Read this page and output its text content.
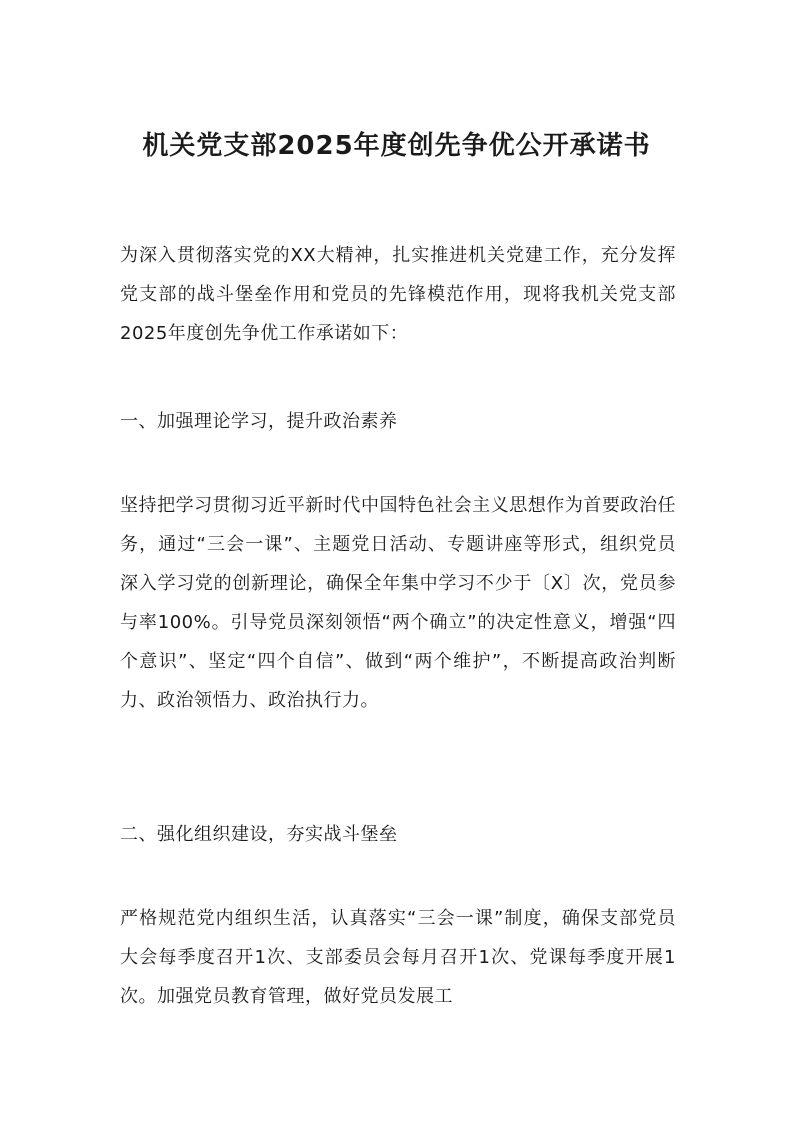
机关党支部2025年度创先争优公开承诺书

为深入贯彻落实党的XX大精神，扎实推进机关党建工作，充分发挥党支部的战斗堡垒作用和党员的先锋模范作用，现将我机关党支部2025年度创先争优工作承诺如下：

一、加强理论学习，提升政治素养

坚持把学习贯彻习近平新时代中国特色社会主义思想作为首要政治任务，通过“三会一课”、主题党日活动、专题讲座等形式，组织党员深入学习党的创新理论，确保全年集中学习不少于〔X〕次，党员参与率100%。引导党员深刻领悟“两个确立”的决定性意义，增强“四个意识”、坚定“四个自信”、做到“两个维护”，不断提高政治判断力、政治领悟力、政治执行力。

二、强化组织建设，夯实战斗堡垒

严格规范党内组织生活，认真落实“三会一课”制度，确保支部党员大会每季度召开1次、支部委员会每月召开1次、党课每季度开展1次。加强党员教育管理，做好党员发展工
